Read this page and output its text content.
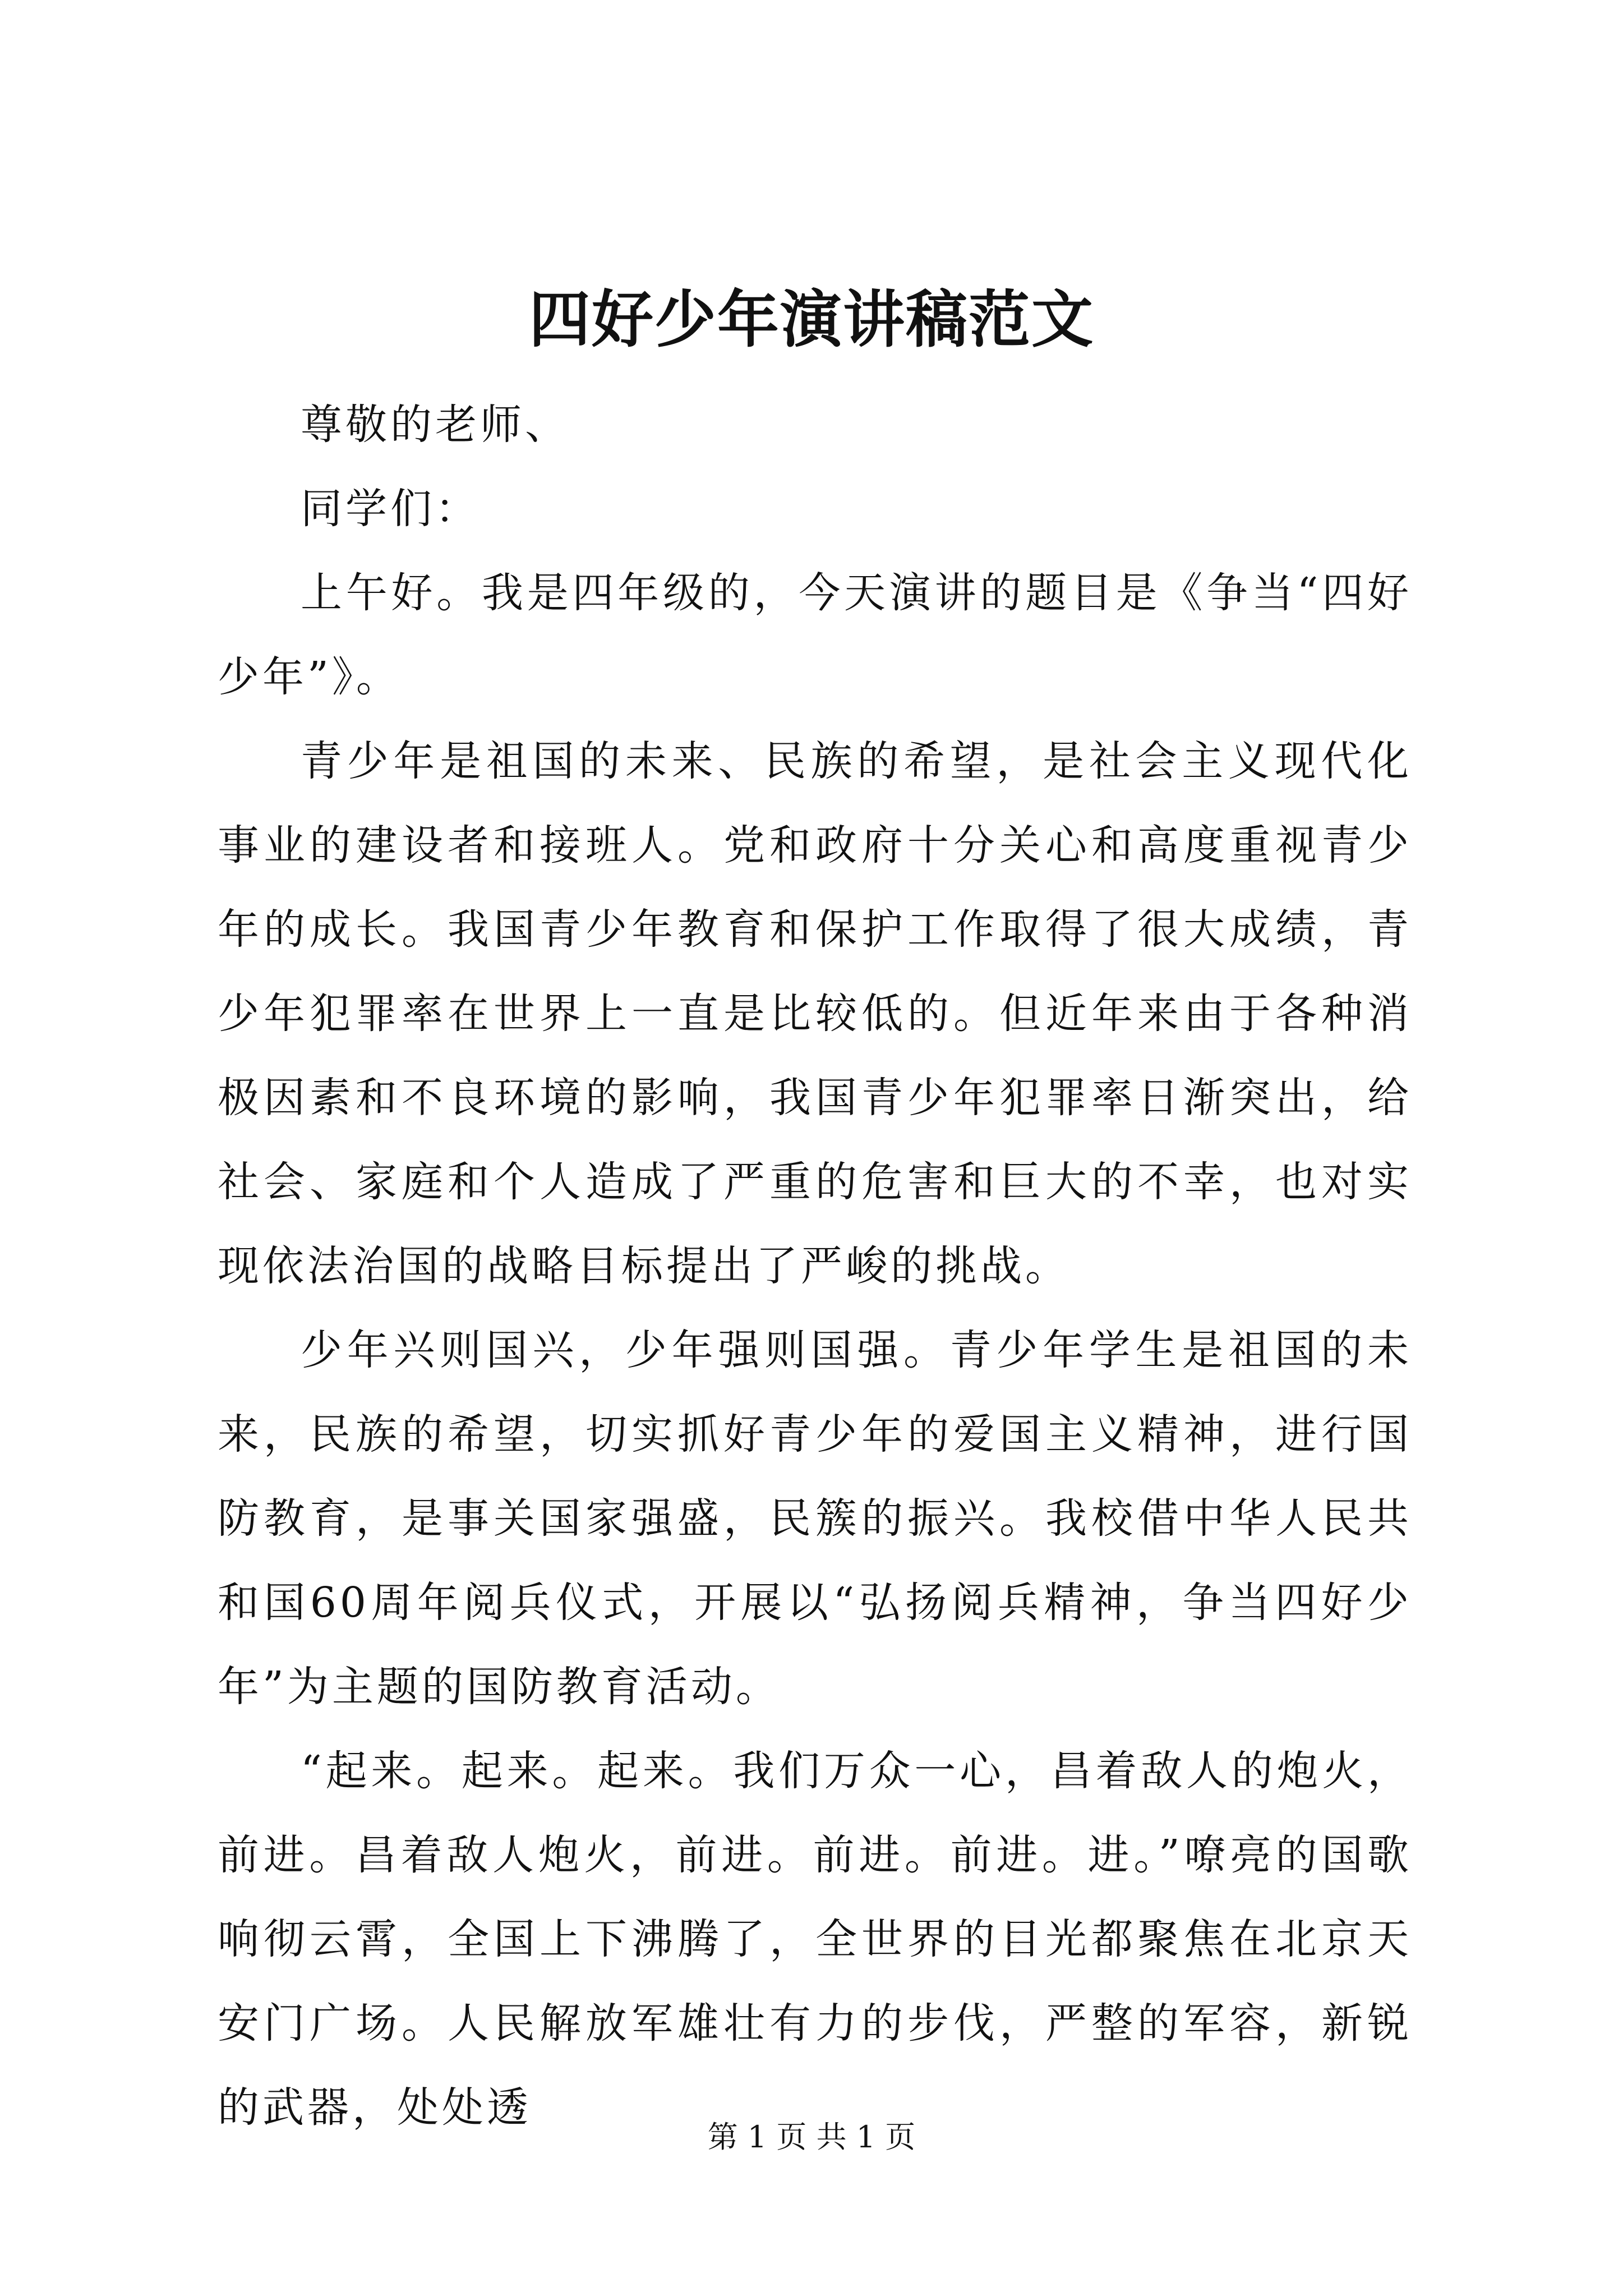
四好少年演讲稿范文

尊敬的老师、

同学们：

上午好。我是四年级的，今天演讲的题目是《争当“四好少年”》。

青少年是祖国的未来、民族的希望，是社会主义现代化事业的建设者和接班人。党和政府十分关心和高度重视青少年的成长。我国青少年教育和保护工作取得了很大成绩，青少年犯罪率在世界上一直是比较低的。但近年来由于各种消极因素和不良环境的影响，我国青少年犯罪率日渐突出，给社会、家庭和个人造成了严重的危害和巨大的不幸，也对实现依法治国的战略目标提出了严峻的挑战。

少年兴则国兴，少年强则国强。青少年学生是祖国的未来，民族的希望，切实抓好青少年的爱国主义精神，进行国防教育，是事关国家强盛，民簇的振兴。我校借中华人民共和国60周年阅兵仪式，开展以“弘扬阅兵精神，争当四好少年”为主题的国防教育活动。

“起来。起来。起来。我们万众一心，昌着敌人的炮火，前进。昌着敌人炮火，前进。前进。前进。进。”嘹亮的国歌响彻云霄，全国上下沸腾了，全世界的目光都聚焦在北京天安门广场。人民解放军雄壮有力的步伐，严整的军容，新锐的武器，处处透

第 1 页 共 1 页
